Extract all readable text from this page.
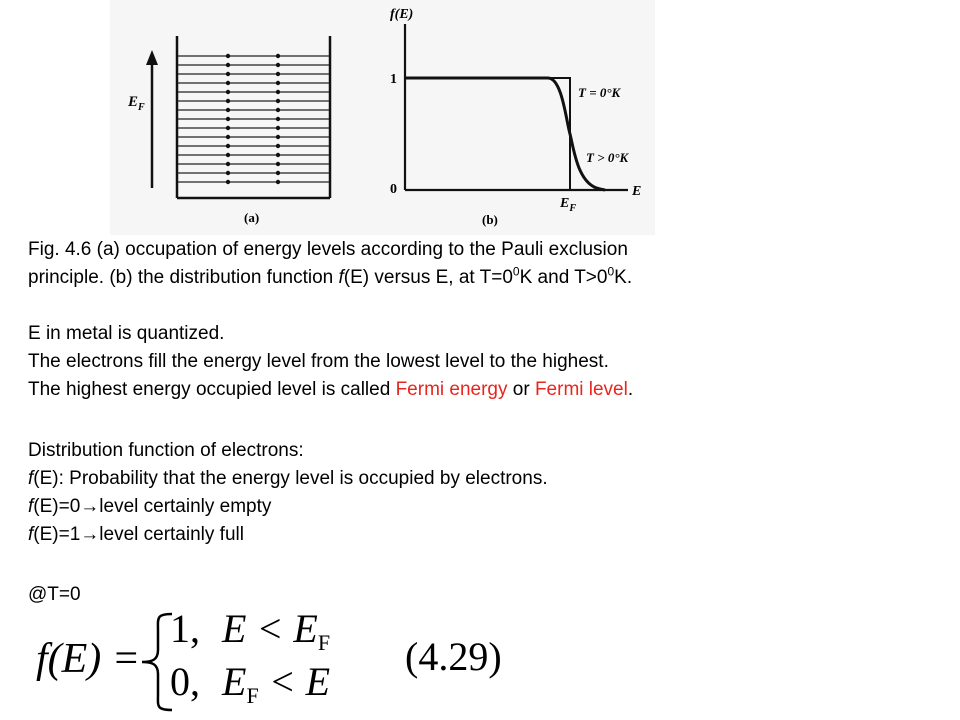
$E_F$
(a)
f(E)
1
0	E
T = 0°K
T > 0°K
$E_F$
(b)
Fig. 4.6 (a) occupation of energy levels according to the Pauli exclusion
principle. (b) the distribution function f(E) versus E, at $T=0^0K$ and $T>0^0K$.
E in metal is quantized.
The electrons fill the energy level from the lowest level to the highest.
The highest energy occupied level is called Fermi energy or Fermi level.
Distribution function of electrons:
f(E): Probability that the energy level is occupied by electrons.
f(E)=0→level certainly empty
f(E)=1→level certainly full
@T=0
f(E) =
1, $E < E_F$
0, $E_F < E$
(4.29)
